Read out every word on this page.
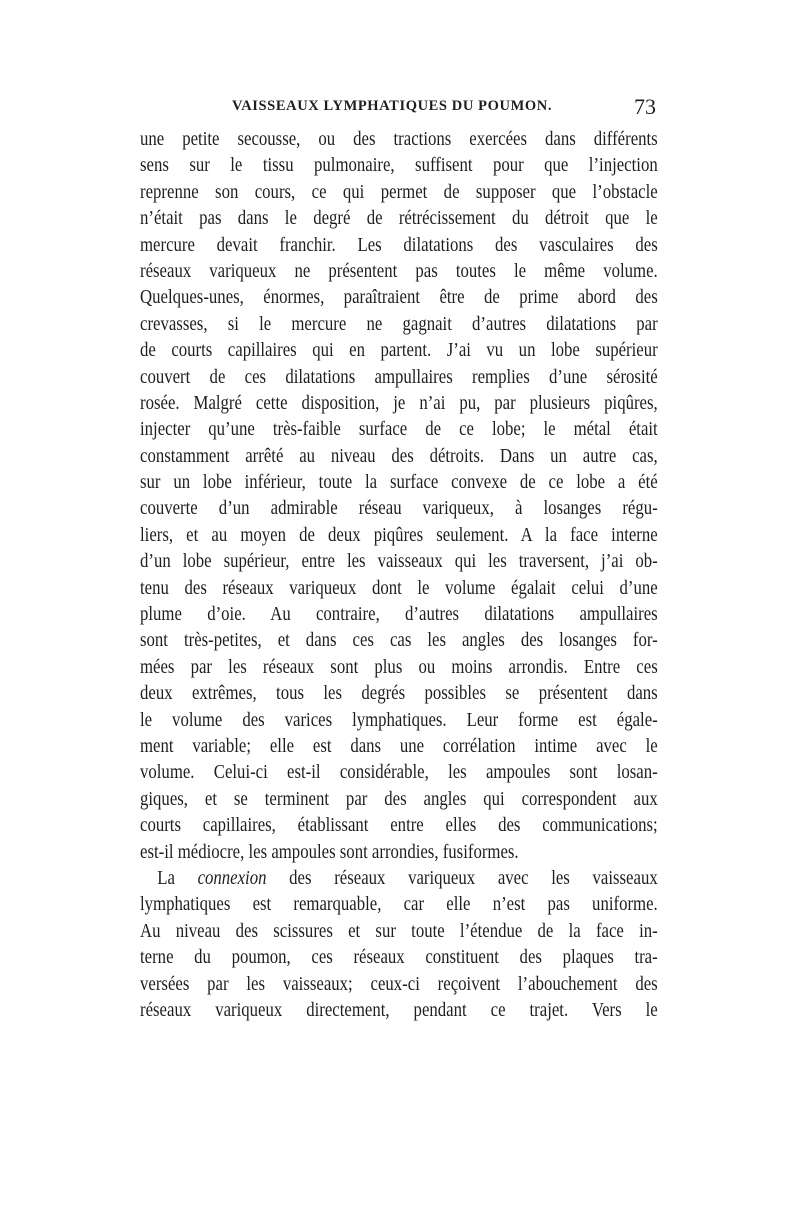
VAISSEAUX LYMPHATIQUES DU POUMON.	73
une petite secousse, ou des tractions exercées dans différents
sens sur le tissu pulmonaire, suffisent pour que l’injection
reprenne son cours, ce qui permet de supposer que l’obstacle
n’était pas dans le degré de rétrécissement du détroit que le
mercure devait franchir. Les dilatations des vasculaires des
réseaux variqueux ne présentent pas toutes le même volume.
Quelques-unes, énormes, paraîtraient être de prime abord des
crevasses, si le mercure ne gagnait d’autres dilatations par
de courts capillaires qui en partent. J’ai vu un lobe supérieur
couvert de ces dilatations ampullaires remplies d’une sérosité
rosée. Malgré cette disposition, je n’ai pu, par plusieurs piqûres,
injecter qu’une très-faible surface de ce lobe; le métal était
constamment arrêté au niveau des détroits. Dans un autre cas,
sur un lobe inférieur, toute la surface convexe de ce lobe a été
couverte d’un admirable réseau variqueux, à losanges régu-
liers, et au moyen de deux piqûres seulement. A la face interne
d’un lobe supérieur, entre les vaisseaux qui les traversent, j’ai ob-
tenu des réseaux variqueux dont le volume égalait celui d’une
plume d’oie. Au contraire, d’autres dilatations ampullaires
sont très-petites, et dans ces cas les angles des losanges for-
mées par les réseaux sont plus ou moins arrondis. Entre ces
deux extrêmes, tous les degrés possibles se présentent dans
le volume des varices lymphatiques. Leur forme est égale-
ment variable; elle est dans une corrélation intime avec le
volume. Celui-ci est-il considérable, les ampoules sont losan-
giques, et se terminent par des angles qui correspondent aux
courts capillaires, établissant entre elles des communications;
est-il médiocre, les ampoules sont arrondies, fusiformes.
La connexion des réseaux variqueux avec les vaisseaux
lymphatiques est remarquable, car elle n’est pas uniforme.
Au niveau des scissures et sur toute l’étendue de la face in-
terne du poumon, ces réseaux constituent des plaques tra-
versées par les vaisseaux; ceux-ci reçoivent l’abouchement des
réseaux variqueux directement, pendant ce trajet. Vers le
